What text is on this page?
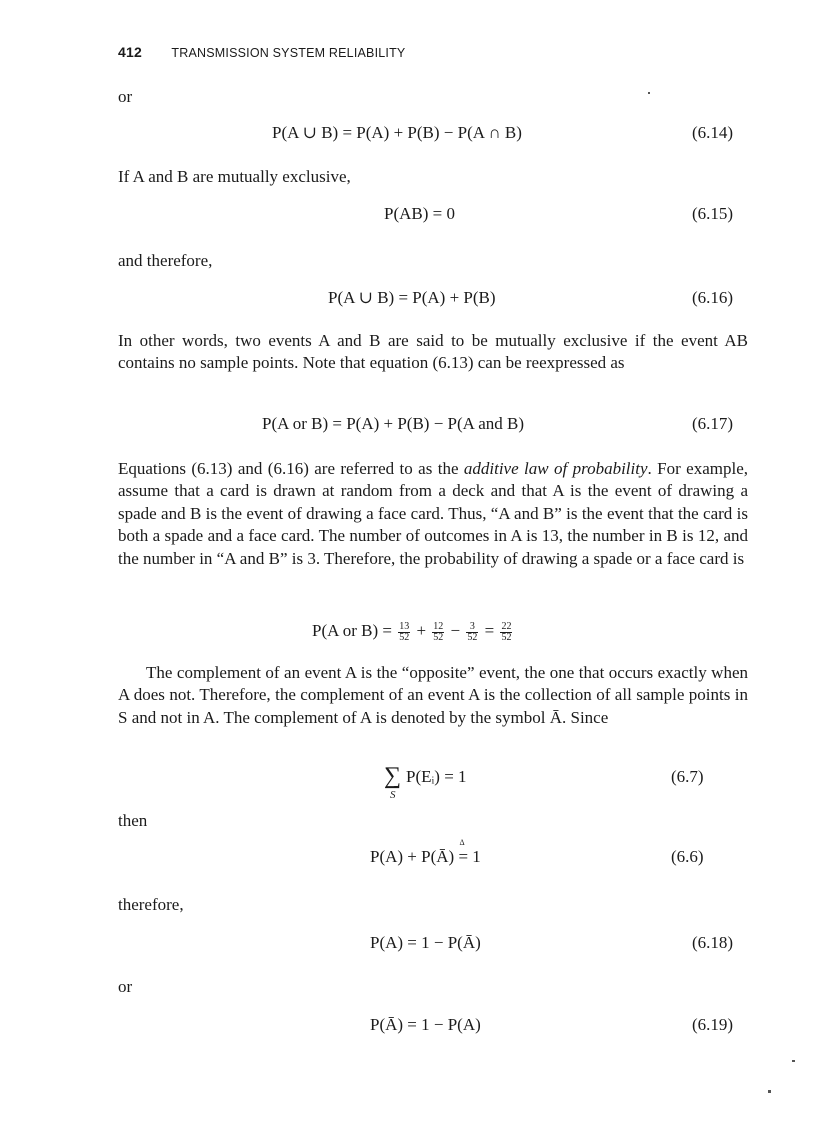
412 TRANSMISSION SYSTEM RELIABILITY
or
P(A ∪ B) = P(A) + P(B) − P(A ∩ B)	(6.14)
If A and B are mutually exclusive,
P(AB) = 0	(6.15)
and therefore,
P(A ∪ B) = P(A) + P(B)	(6.16)
In other words, two events A and B are said to be mutually exclusive if the event AB contains no sample points. Note that equation (6.13) can be reexpressed as
P(A or B) = P(A) + P(B) − P(A and B)	(6.17)
Equations (6.13) and (6.16) are referred to as the additive law of probability. For example, assume that a card is drawn at random from a deck and that A is the event of drawing a spade and B is the event of drawing a face card. Thus, “A and B” is the event that the card is both a spade and a face card. The number of outcomes in A is 13, the number in B is 12, and the number in “A and B” is 3. Therefore, the probability of drawing a spade or a face card is
P(A or $B) = \frac{13}{52} + \frac{12}{52} - \frac{3}{52} = \frac{22}{52}$
The complement of an event A is the “opposite” event, the one that occurs exactly when A does not. Therefore, the complement of an event A is the collection of all sample points in S and not in A. The complement of A is denoted by the symbol Ā. Since
∑
S
P(Eᵢ) = 1	(6.7)
then
P(A) + P(Ā)
Δ
= 1	(6.6)
therefore,
P(A) = 1 − P(Ā)	(6.18)
or
P(Ā) = 1 − P(A)	(6.19)
